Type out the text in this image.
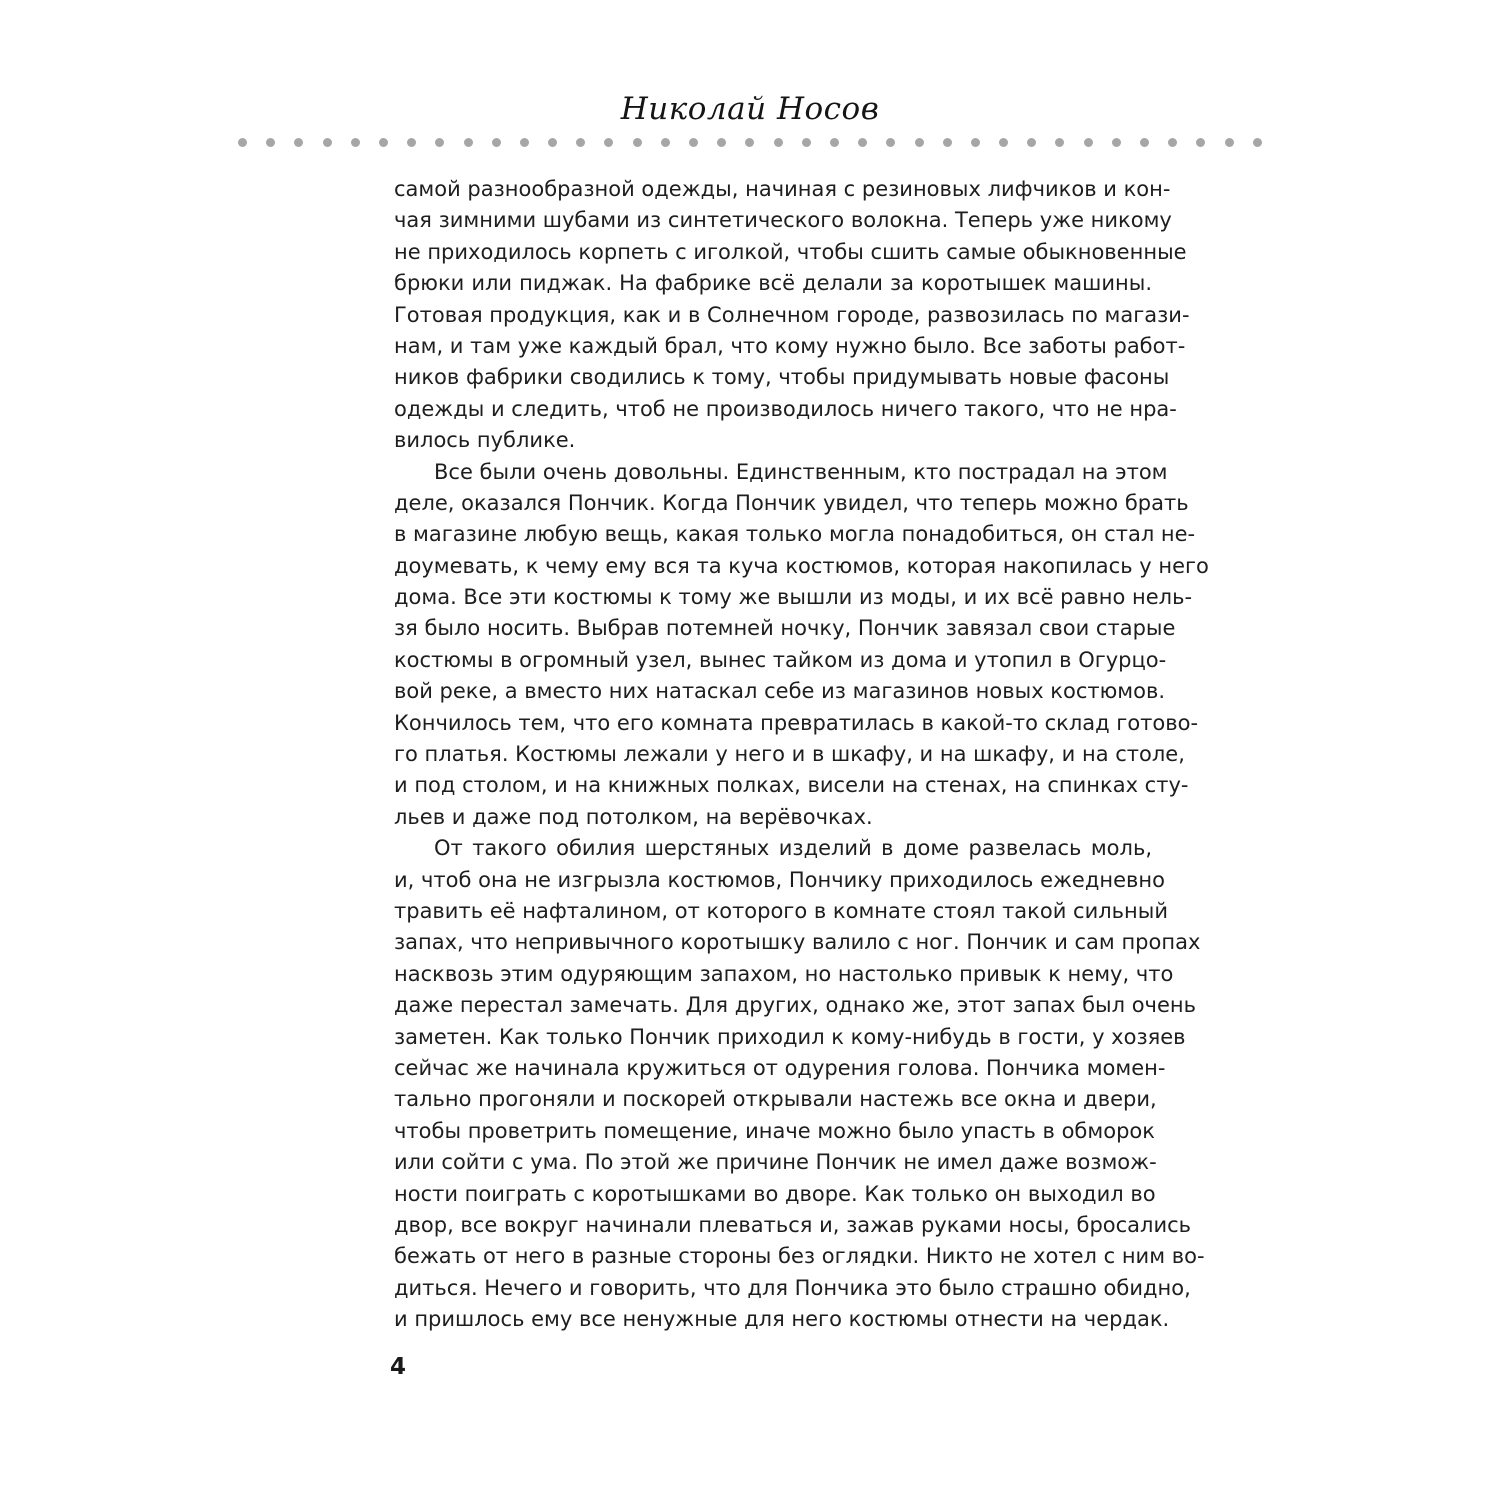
Николай Носов
самой разнообразной одежды, начиная с резиновых лифчиков и кон-
чая зимними шубами из синтетического волокна. Теперь уже никому
не приходилось корпеть с иголкой, чтобы сшить самые обыкновенные
брюки или пиджак. На фабрике всё делали за коротышек машины.
Готовая продукция, как и в Солнечном городе, развозилась по магази-
нам, и там уже каждый брал, что кому нужно было. Все заботы работ-
ников фабрики сводились к тому, чтобы придумывать новые фасоны
одежды и следить, чтоб не производилось ничего такого, что не нра-
вилось публике.
Все были очень довольны. Единственным, кто пострадал на этом
деле, оказался Пончик. Когда Пончик увидел, что теперь можно брать
в магазине любую вещь, какая только могла понадобиться, он стал не-
доумевать, к чему ему вся та куча костюмов, которая накопилась у него
дома. Все эти костюмы к тому же вышли из моды, и их всё равно нель-
зя было носить. Выбрав потемней ночку, Пончик завязал свои старые
костюмы в огромный узел, вынес тайком из дома и утопил в Огурцо-
вой реке, а вместо них натаскал себе из магазинов новых костюмов.
Кончилось тем, что его комната превратилась в какой-то склад готово-
го платья. Костюмы лежали у него и в шкафу, и на шкафу, и на столе,
и под столом, и на книжных полках, висели на стенах, на спинках сту-
льев и даже под потолком, на верёвочках.
От такого обилия шерстяных изделий в доме развелась моль,
и, чтоб она не изгрызла костюмов, Пончику приходилось ежедневно
травить её нафталином, от которого в комнате стоял такой сильный
запах, что непривычного коротышку валило с ног. Пончик и сам пропах
насквозь этим одуряющим запахом, но настолько привык к нему, что
даже перестал замечать. Для других, однако же, этот запах был очень
заметен. Как только Пончик приходил к кому-нибудь в гости, у хозяев
сейчас же начинала кружиться от одурения голова. Пончика момен-
тально прогоняли и поскорей открывали настежь все окна и двери,
чтобы проветрить помещение, иначе можно было упасть в обморок
или сойти с ума. По этой же причине Пончик не имел даже возмож-
ности поиграть с коротышками во дворе. Как только он выходил во
двор, все вокруг начинали плеваться и, зажав руками носы, бросались
бежать от него в разные стороны без оглядки. Никто не хотел с ним во-
диться. Нечего и говорить, что для Пончика это было страшно обидно,
и пришлось ему все ненужные для него костюмы отнести на чердак.
4
